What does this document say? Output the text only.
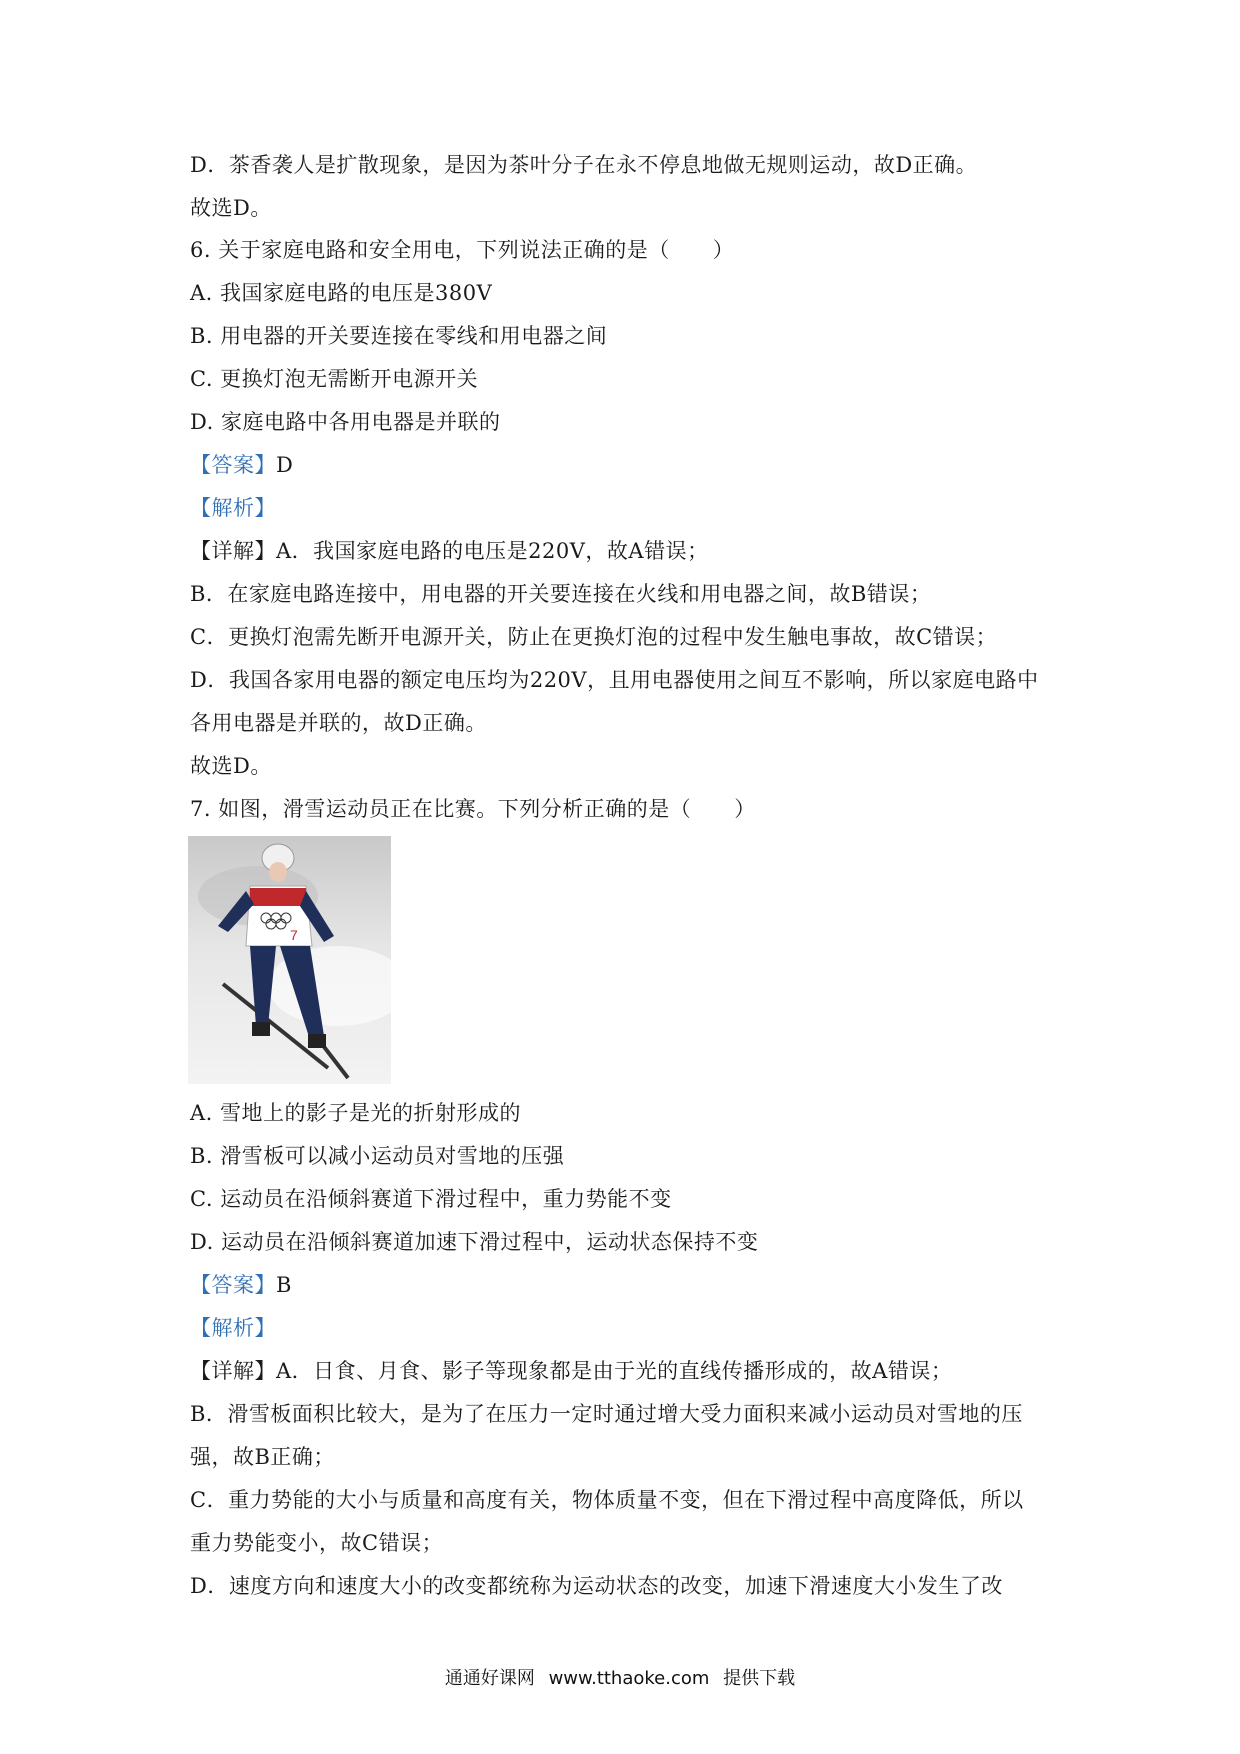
D．茶香袭人是扩散现象，是因为茶叶分子在永不停息地做无规则运动，故D正确。
故选D。
6. 关于家庭电路和安全用电，下列说法正确的是（　　）
A. 我国家庭电路的电压是380V
B. 用电器的开关要连接在零线和用电器之间
C. 更换灯泡无需断开电源开关
D. 家庭电路中各用电器是并联的
【答案】D
【解析】
【详解】A．我国家庭电路的电压是220V，故A错误；
B．在家庭电路连接中，用电器的开关要连接在火线和用电器之间，故B错误；
C．更换灯泡需先断开电源开关，防止在更换灯泡的过程中发生触电事故，故C错误；
D．我国各家用电器的额定电压均为220V，且用电器使用之间互不影响，所以家庭电路中
各用电器是并联的，故D正确。
故选D。
7. 如图，滑雪运动员正在比赛。下列分析正确的是（　　）
7
A. 雪地上的影子是光的折射形成的
B. 滑雪板可以减小运动员对雪地的压强
C. 运动员在沿倾斜赛道下滑过程中，重力势能不变
D. 运动员在沿倾斜赛道加速下滑过程中，运动状态保持不变
【答案】B
【解析】
【详解】A．日食、月食、影子等现象都是由于光的直线传播形成的，故A错误；
B．滑雪板面积比较大，是为了在压力一定时通过增大受力面积来减小运动员对雪地的压
强，故B正确；
C．重力势能的大小与质量和高度有关，物体质量不变，但在下滑过程中高度降低，所以
重力势能变小，故C错误；
D．速度方向和速度大小的改变都统称为运动状态的改变，加速下滑速度大小发生了改
通通好课网 www.tthaoke.com 提供下载
